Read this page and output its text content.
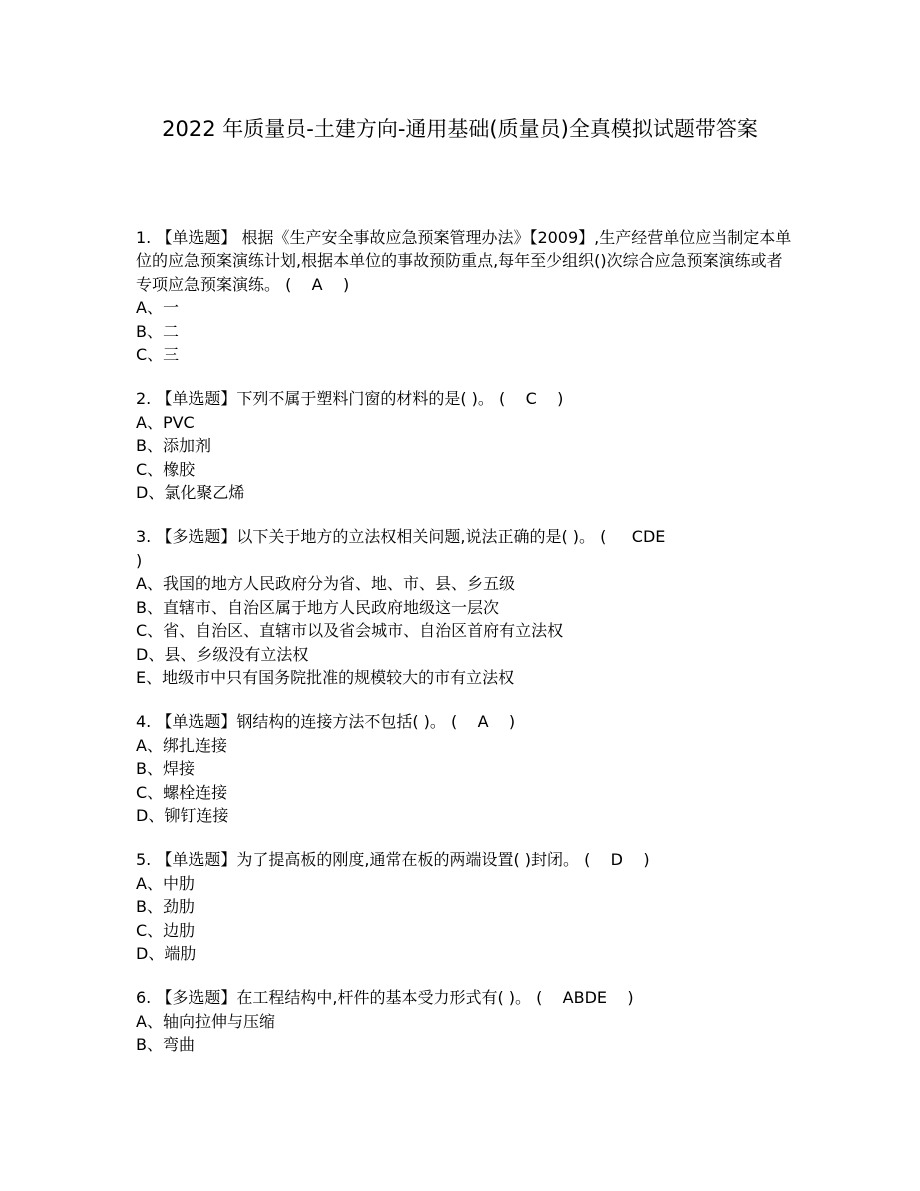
2022 年质量员-土建方向-通用基础(质量员)全真模拟试题带答案
1. 【单选题】 根据《生产安全事故应急预案管理办法》【2009】,生产经营单位应当制定本单位的应急预案演练计划,根据本单位的事故预防重点,每年至少组织()次综合应急预案演练或者专项应急预案演练。 (    A    )
A、一
B、二
C、三
2. 【单选题】下列不属于塑料门窗的材料的是( )。 (    C    )
A、PVC
B、添加剂
C、橡胶
D、氯化聚乙烯
3. 【多选题】以下关于地方的立法权相关问题,说法正确的是( )。 (     CDE
)
A、我国的地方人民政府分为省、地、市、县、乡五级
B、直辖市、自治区属于地方人民政府地级这一层次
C、省、自治区、直辖市以及省会城市、自治区首府有立法权
D、县、乡级没有立法权
E、地级市中只有国务院批准的规模较大的市有立法权
4. 【单选题】钢结构的连接方法不包括( )。 (    A    )
A、绑扎连接
B、焊接
C、螺栓连接
D、铆钉连接
5. 【单选题】为了提高板的刚度,通常在板的两端设置( )封闭。 (    D    )
A、中肋
B、劲肋
C、边肋
D、端肋
6. 【多选题】在工程结构中,杆件的基本受力形式有( )。 (    ABDE    )
A、轴向拉伸与压缩
B、弯曲
